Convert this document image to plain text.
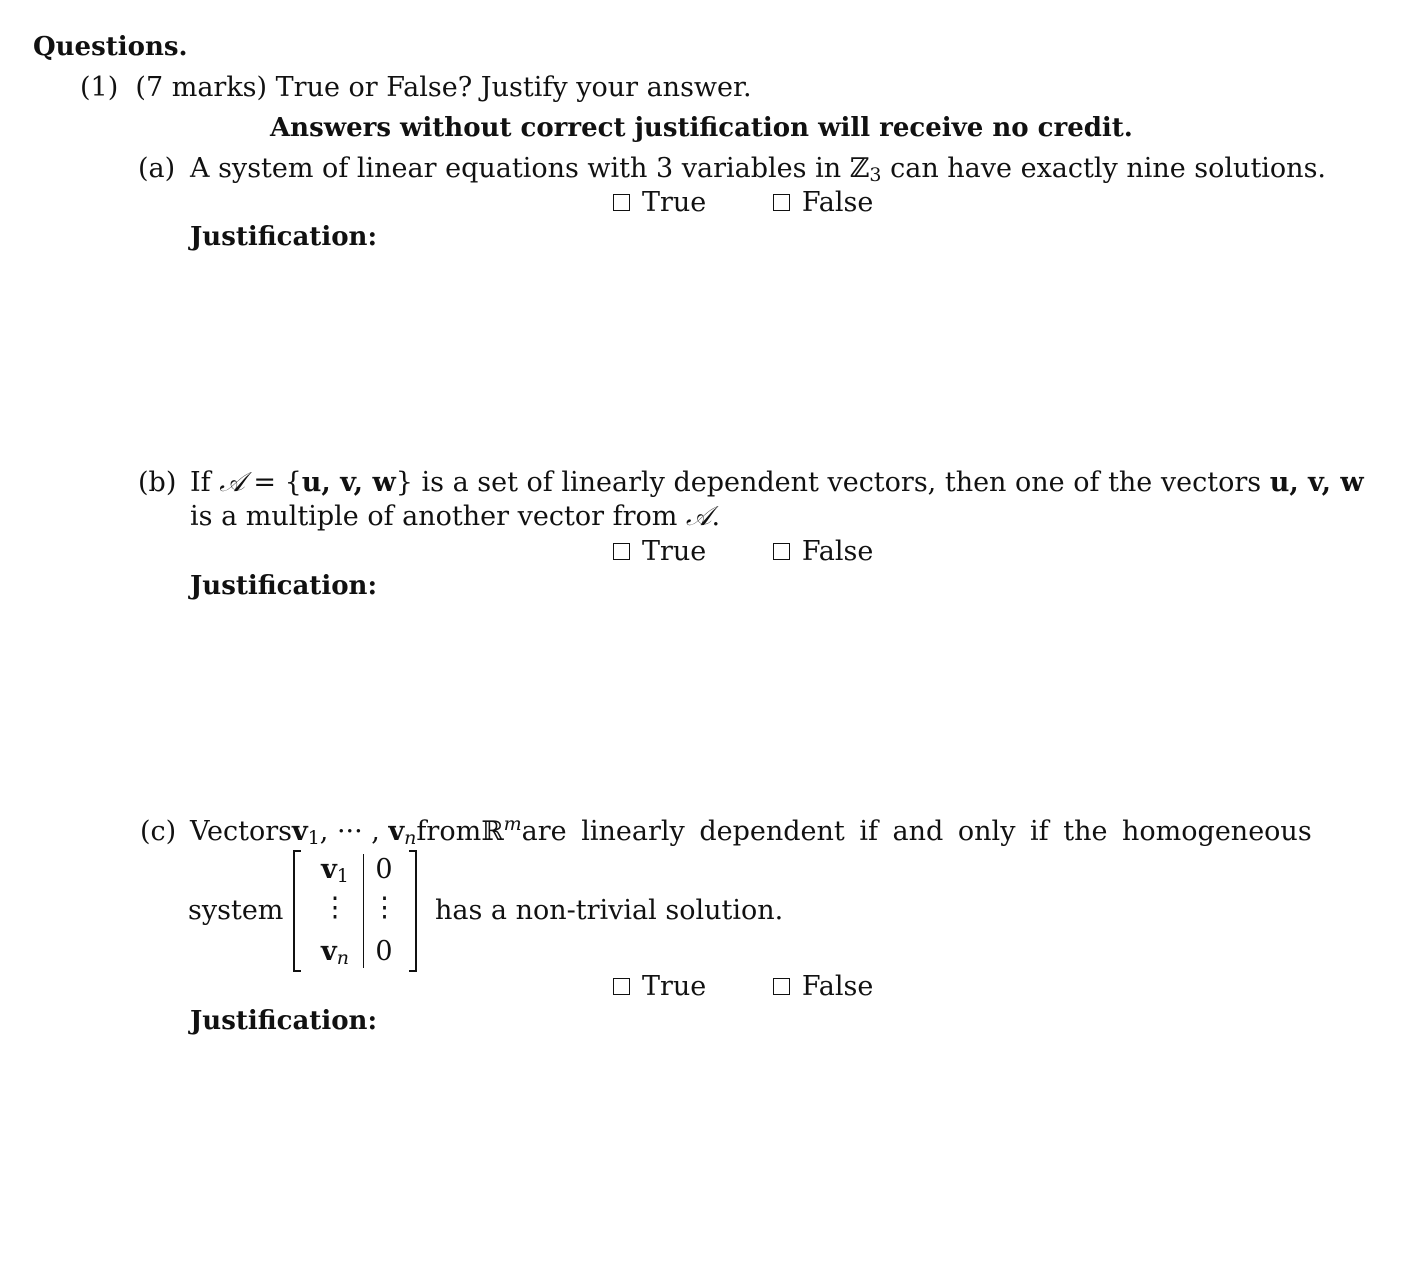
Questions.
(1) (7 marks) True or False? Justify your answer.
Answers without correct justification will receive no credit.
(a) A system of linear equations with 3 variables in ℤ$_3$ can have exactly nine solutions.
True
	False
Justification:
(b) If 𝒜 = {u, v, w} is a set of linearly dependent vectors, then one of the vectors u, v, w
is a multiple of another vector from 𝒜.
True
	False
Justification:
(c) Vectors $v_1$, ··· , $v_n$ from ℝ$^m$ are linearly dependent if and only if the homogeneous
system
$v_1$ 0
⋮ ⋮
$v_n$ 0
has a non-trivial solution.
True
	False
Justification:
